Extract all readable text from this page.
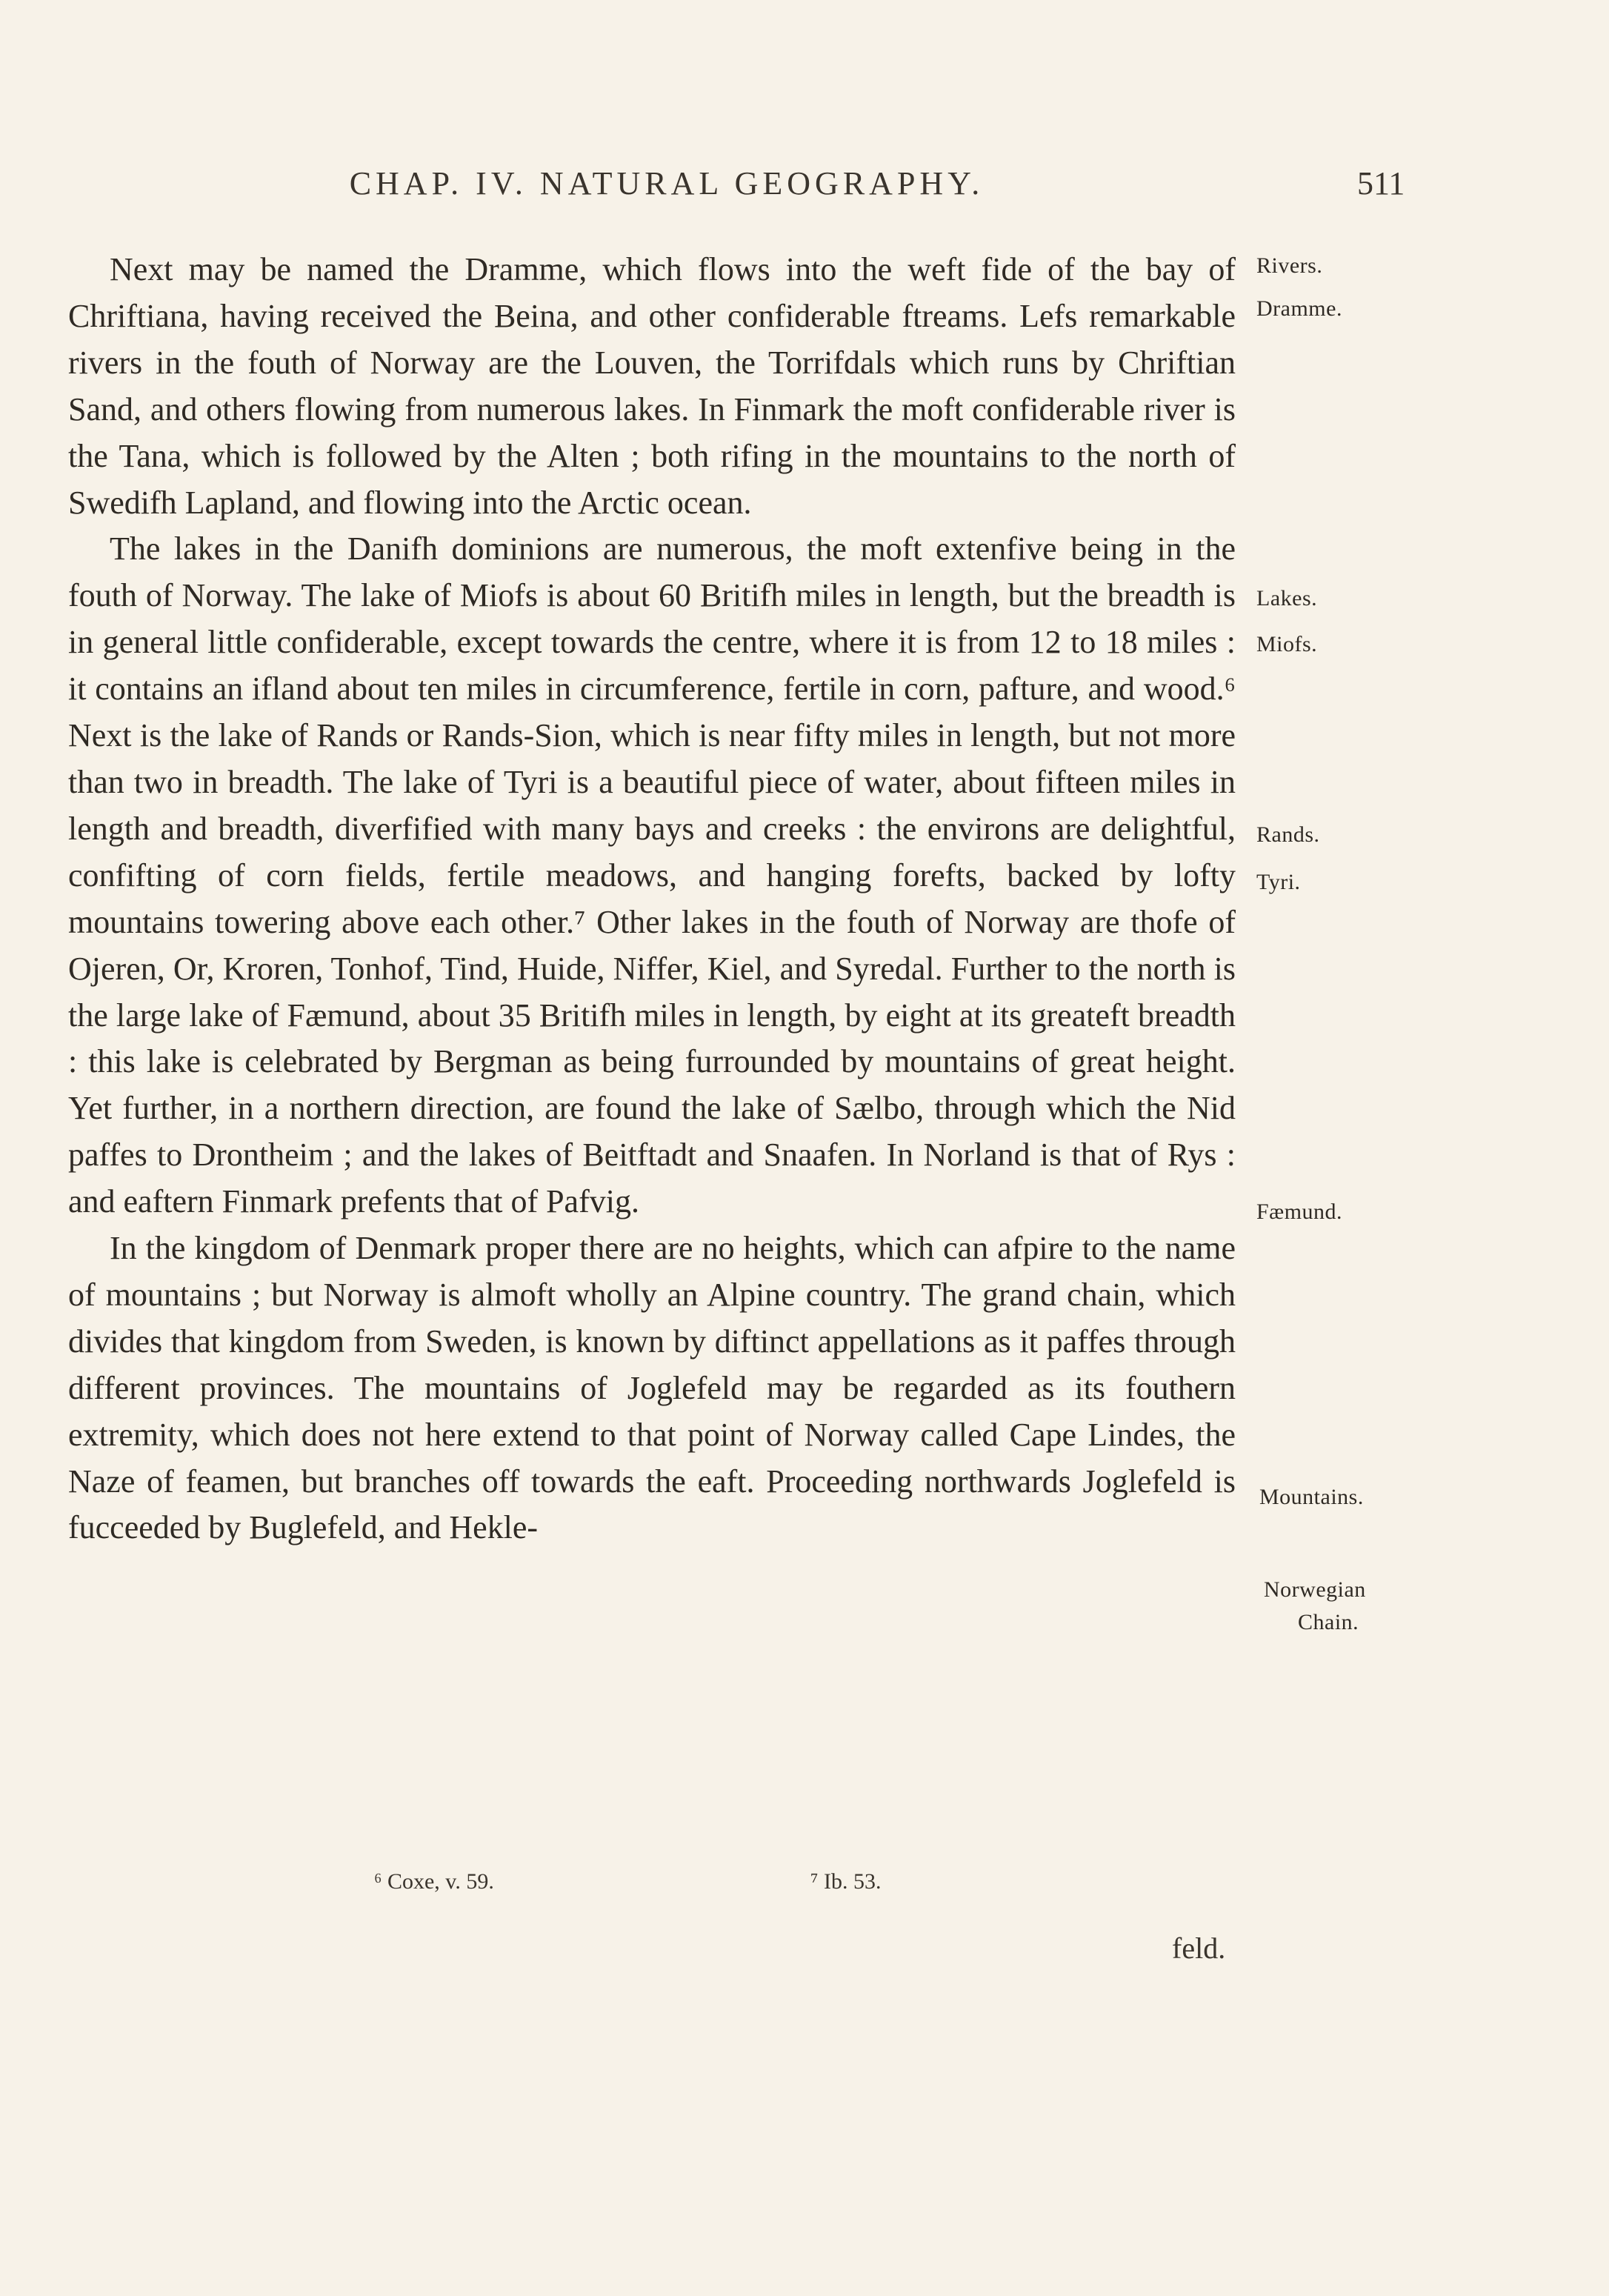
CHAP. IV. NATURAL GEOGRAPHY.	511

Next may be named the Dramme, which flows into the weft fide of the bay of Chriftiana, having received the Beina, and other confiderable ftreams. Lefs remarkable rivers in the fouth of Norway are the Louven, the Torrifdals which runs by Chriftian Sand, and others flowing from numerous lakes. In Finmark the moft confiderable river is the Tana, which is followed by the Alten ; both rifing in the mountains to the north of Swedifh Lapland, and flowing into the Arctic ocean.

The lakes in the Danifh dominions are numerous, the moft extenfive being in the fouth of Norway. The lake of Miofs is about 60 Britifh miles in length, but the breadth is in general little confiderable, except towards the centre, where it is from 12 to 18 miles : it contains an ifland about ten miles in circumference, fertile in corn, pafture, and wood.⁶ Next is the lake of Rands or Rands-Sion, which is near fifty miles in length, but not more than two in breadth. The lake of Tyri is a beautiful piece of water, about fifteen miles in length and breadth, diverfified with many bays and creeks : the environs are delightful, confifting of corn fields, fertile meadows, and hanging forefts, backed by lofty mountains towering above each other.⁷ Other lakes in the fouth of Norway are thofe of Ojeren, Or, Kroren, Tonhof, Tind, Huide, Niffer, Kiel, and Syredal. Further to the north is the large lake of Fæmund, about 35 Britifh miles in length, by eight at its greateft breadth : this lake is celebrated by Bergman as being furrounded by mountains of great height. Yet further, in a northern direction, are found the lake of Sælbo, through which the Nid paffes to Drontheim ; and the lakes of Beitftadt and Snaafen. In Norland is that of Rys : and eaftern Finmark prefents that of Pafvig.

In the kingdom of Denmark proper there are no heights, which can afpire to the name of mountains ; but Norway is almoft wholly an Alpine country. The grand chain, which divides that kingdom from Sweden, is known by diftinct appellations as it paffes through different provinces. The mountains of Joglefeld may be regarded as its fouthern extremity, which does not here extend to that point of Norway called Cape Lindes, the Naze of feamen, but branches off towards the eaft. Proceeding northwards Joglefeld is fucceeded by Buglefeld, and Hekle-

Rivers.
Dramme.
Lakes.
Miofs.
Rands.
Tyri.
Fæmund.
Mountains.
Norwegian
Chain.
⁶ Coxe, v. 59.	⁷ Ib. 53.
feld.
